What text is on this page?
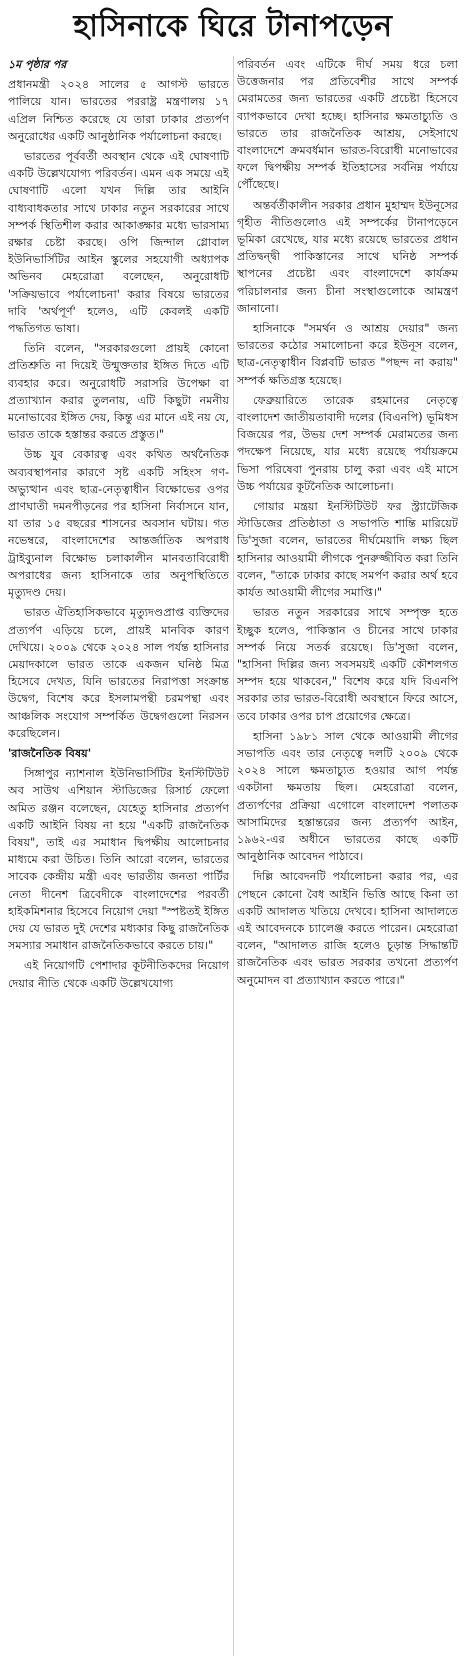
হাসিনাকে ঘিরে টানাপড়েন

১ম পৃষ্ঠার পর

প্রধানমন্ত্রী ২০২৪ সালের ৫ আগস্ট ভারতে পালিয়ে যান। ভারতের পররাষ্ট্র মন্ত্রণালয় ১৭ এপ্রিল নিশ্চিত করেছে যে তারা ঢাকার প্রত্যর্পণ অনুরোধের একটি আনুষ্ঠানিক পর্যালোচনা করছে।

ভারতের পূর্ববর্তী অবস্থান থেকে এই ঘোষণাটি একটি উল্লেখযোগ্য পরিবর্তন। এমন এক সময়ে এই ঘোষণাটি এলো যখন দিল্লি তার আইনি বাধ্যবাধকতার সাথে ঢাকার নতুন সরকারের সাথে সম্পর্ক স্থিতিশীল করার আকাঙ্ক্ষার মধ্যে ভারসাম্য রক্ষার চেষ্টা করছে। ওপি জিন্দাল গ্লোবাল ইউনিভার্সিটির আইন স্কুলের সহযোগী অধ্যাপক অভিনব মেহরোত্রা বলেছেন, অনুরোধটি 'সক্রিয়ভাবে পর্যালোচনা' করার বিষয়ে ভারতের দাবি 'অর্থপূর্ণ' হলেও, এটি কেবলই একটি পদ্ধতিগত ভাষা।

তিনি বলেন, "সরকারগুলো প্রায়ই কোনো প্রতিশ্রুতি না দিয়েই উন্মুক্ততার ইঙ্গিত দিতে এটি ব্যবহার করে। অনুরোধটি সরাসরি উপেক্ষা বা প্রত্যাখ্যান করার তুলনায়, এটি কিছুটা নমনীয় মনোভাবের ইঙ্গিত দেয়, কিন্তু এর মানে এই নয় যে, ভারত তাকে হস্তান্তর করতে প্রস্তুত।"

উচ্চ যুব বেকারত্ব এবং কথিত অর্থনৈতিক অব্যবস্থাপনার কারণে সৃষ্ট একটি সহিংস গণ-অভ্যুত্থান এবং ছাত্র-নেতৃত্বাধীন বিক্ষোভের ওপর প্রাণঘাতী দমনপীড়নের পর হাসিনা নির্বাসনে যান, যা তার ১৫ বছরের শাসনের অবসান ঘটায়। গত নভেম্বরে, বাংলাদেশের আন্তর্জাতিক অপরাধ ট্রাইব্যুনাল বিক্ষোভ চলাকালীন মানবতাবিরোধী অপরাধের জন্য হাসিনাকে তার অনুপস্থিতিতে মৃত্যুদণ্ড দেয়।

ভারত ঐতিহাসিকভাবে মৃত্যুদণ্ডপ্রাপ্ত ব্যক্তিদের প্রত্যর্পণ এড়িয়ে চলে, প্রায়ই মানবিক কারণ দেখিয়ে। ২০০৯ থেকে ২০২৪ সাল পর্যন্ত হাসিনার মেয়াদকালে ভারত তাকে একজন ঘনিষ্ঠ মিত্র হিসেবে দেখত, যিনি ভারতের নিরাপত্তা সংক্রান্ত উদ্বেগ, বিশেষ করে ইসলামপন্থী চরমপন্থা এবং আঞ্চলিক সংযোগ সম্পর্কিত উদ্বেগগুলো নিরসন করেছিলেন।

'রাজনৈতিক বিষয়'

সিঙ্গাপুর ন্যাশনাল ইউনিভার্সিটির ইনস্টিটিউট অব সাউথ এশিয়ান স্টাডিজের রিসার্চ ফেলো অমিত রঞ্জন বলেছেন, যেহেতু হাসিনার প্রত্যর্পণ একটি আইনি বিষয় না হয়ে "একটি রাজনৈতিক বিষয়", তাই এর সমাধান দ্বিপক্ষীয় আলোচনার মাধ্যমে করা উচিত। তিনি আরো বলেন, ভারতের সাবেক কেন্দ্রীয় মন্ত্রী এবং ভারতীয় জনতা পার্টির নেতা দীনেশ ত্রিবেদীকে বাংলাদেশের পরবর্তী হাইকমিশনার হিসেবে নিয়োগ দেয়া "স্পষ্টতই ইঙ্গিত দেয় যে ভারত দুই দেশের মধ্যকার কিছু রাজনৈতিক সমস্যার সমাধান রাজনৈতিকভাবে করতে চায়।"

এই নিয়োগটি পেশাদার কূটনীতিকদের নিয়োগ দেয়ার নীতি থেকে একটি উল্লেখযোগ্য

পরিবর্তন এবং এটিকে দীর্ঘ সময় ধরে চলা উত্তেজনার পর প্রতিবেশীর সাথে সম্পর্ক মেরামতের জন্য ভারতের একটি প্রচেষ্টা হিসেবে ব্যাপকভাবে দেখা হচ্ছে। হাসিনার ক্ষমতাচ্যুতি ও ভারতে তার রাজনৈতিক আশ্রয়, সেইসাথে বাংলাদেশে ক্রমবর্ধমান ভারত-বিরোধী মনোভাবের ফলে দ্বিপক্ষীয় সম্পর্ক ইতিহাসের সর্বনিম্ন পর্যায়ে পৌঁছেছে।

অন্তর্বর্তীকালীন সরকার প্রধান মুহাম্মদ ইউনূসের গৃহীত নীতিগুলোও এই সম্পর্কের টানাপড়েনে ভূমিকা রেখেছে, যার মধ্যে রয়েছে ভারতের প্রধান প্রতিদ্বন্দ্বী পাকিস্তানের সাথে ঘনিষ্ঠ সম্পর্ক স্থাপনের প্রচেষ্টা এবং বাংলাদেশে কার্যক্রম পরিচালনার জন্য চীনা সংস্থাগুলোকে আমন্ত্রণ জানানো।

হাসিনাকে "সমর্থন ও আশ্রয় দেয়ার" জন্য ভারতের কঠোর সমালোচনা করে ইউনূস বলেন, ছাত্র-নেতৃত্বাধীন বিপ্লবটি ভারত "পছন্দ না করায়" সম্পর্ক ক্ষতিগ্রস্ত হয়েছে।

ফেব্রুয়ারিতে তারেক রহমানের নেতৃত্বে বাংলাদেশ জাতীয়তাবাদী দলের (বিএনপি) ভূমিধস বিজয়ের পর, উভয় দেশ সম্পর্ক মেরামতের জন্য পদক্ষেপ নিয়েছে, যার মধ্যে রয়েছে পর্যায়ক্রমে ভিসা পরিষেবা পুনরায় চালু করা এবং এই মাসে উচ্চ পর্যায়ের কূটনৈতিক আলোচনা।

গোয়ার মন্ত্রয়া ইনস্টিটিউট ফর স্ট্র্যাটেজিক স্টাডিজের প্রতিষ্ঠাতা ও সভাপতি শান্তি মারিয়েট ডি'সুজা বলেন, ভারতের দীর্ঘমেয়াদি লক্ষ্য ছিল হাসিনার আওয়ামী লীগকে পুনরুজ্জীবিত করা তিনি বলেন, "তাকে ঢাকার কাছে সমর্পণ করার অর্থ হবে কার্যত আওয়ামী লীগের সমাপ্তি।"

ভারত নতুন সরকারের সাথে সম্পৃক্ত হতে ইচ্ছুক হলেও, পাকিস্তান ও চীনের সাথে ঢাকার সম্পর্ক নিয়ে সতর্ক রয়েছে। ডি'সুজা বলেন, "হাসিনা দিল্লির জন্য সবসময়ই একটি কৌশলগত সম্পদ হয়ে থাকবেন," বিশেষ করে যদি বিএনপি সরকার তার ভারত-বিরোধী অবস্থানে ফিরে আসে, তবে ঢাকার ওপর চাপ প্রয়োগের ক্ষেত্রে।

হাসিনা ১৯৮১ সাল থেকে আওয়ামী লীগের সভাপতি এবং তার নেতৃত্বে দলটি ২০০৯ থেকে ২০২৪ সালে ক্ষমতাচ্যুত হওয়ার আগ পর্যন্ত একটানা ক্ষমতায় ছিল। মেহরোত্রা বলেন, প্রত্যর্পণের প্রক্রিয়া এগোলে বাংলাদেশ পলাতক আসামিদের হস্তান্তরের জন্য প্রত্যর্পণ আইন, ১৯৬২-এর অধীনে ভারতের কাছে একটি আনুষ্ঠানিক আবেদন পাঠাবে।

দিল্লি আবেদনটি পর্যালোচনা করার পর, এর পেছনে কোনো বৈধ আইনি ভিত্তি আছে কিনা তা একটি আদালত খতিয়ে দেখবে। হাসিনা আদালতে এই আবেদনকে চ্যালেঞ্জ করতে পারেন। মেহরোত্রা বলেন, "আদালত রাজি হলেও চূড়ান্ত সিদ্ধান্তটি রাজনৈতিক এবং ভারত সরকার তখনো প্রত্যর্পণ অনুমোদন বা প্রত্যাখ্যান করতে পারে।"
